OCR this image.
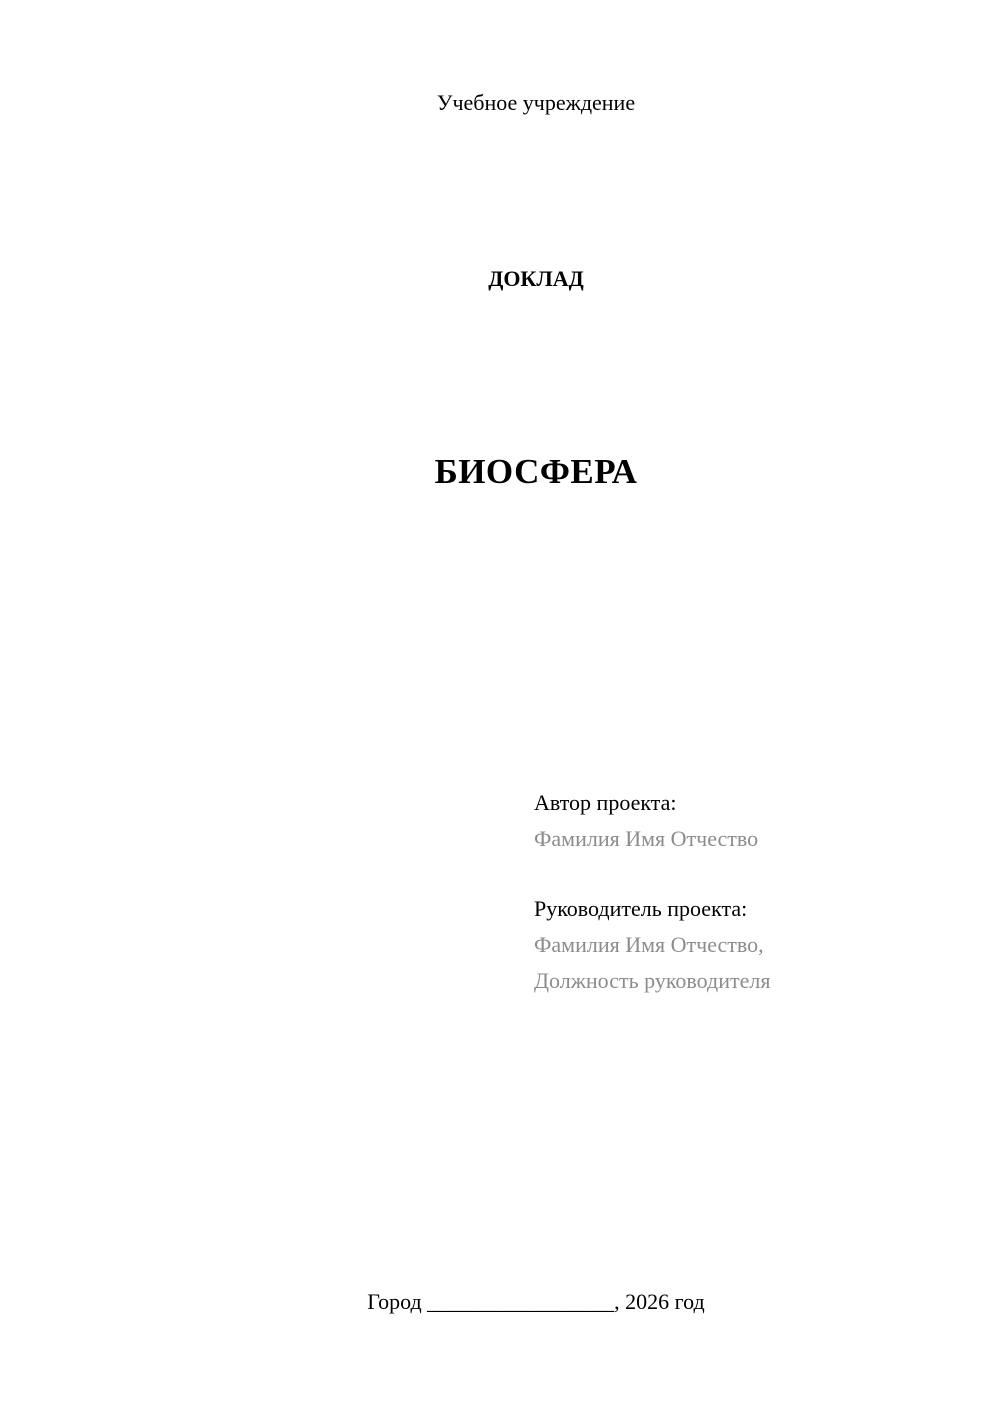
Учебное учреждение
ДОКЛАД
БИОСФЕРА
Автор проекта:
Фамилия Имя Отчество
Руководитель проекта:
Фамилия Имя Отчество,
Должность руководителя
Город _________________, 2026 год
